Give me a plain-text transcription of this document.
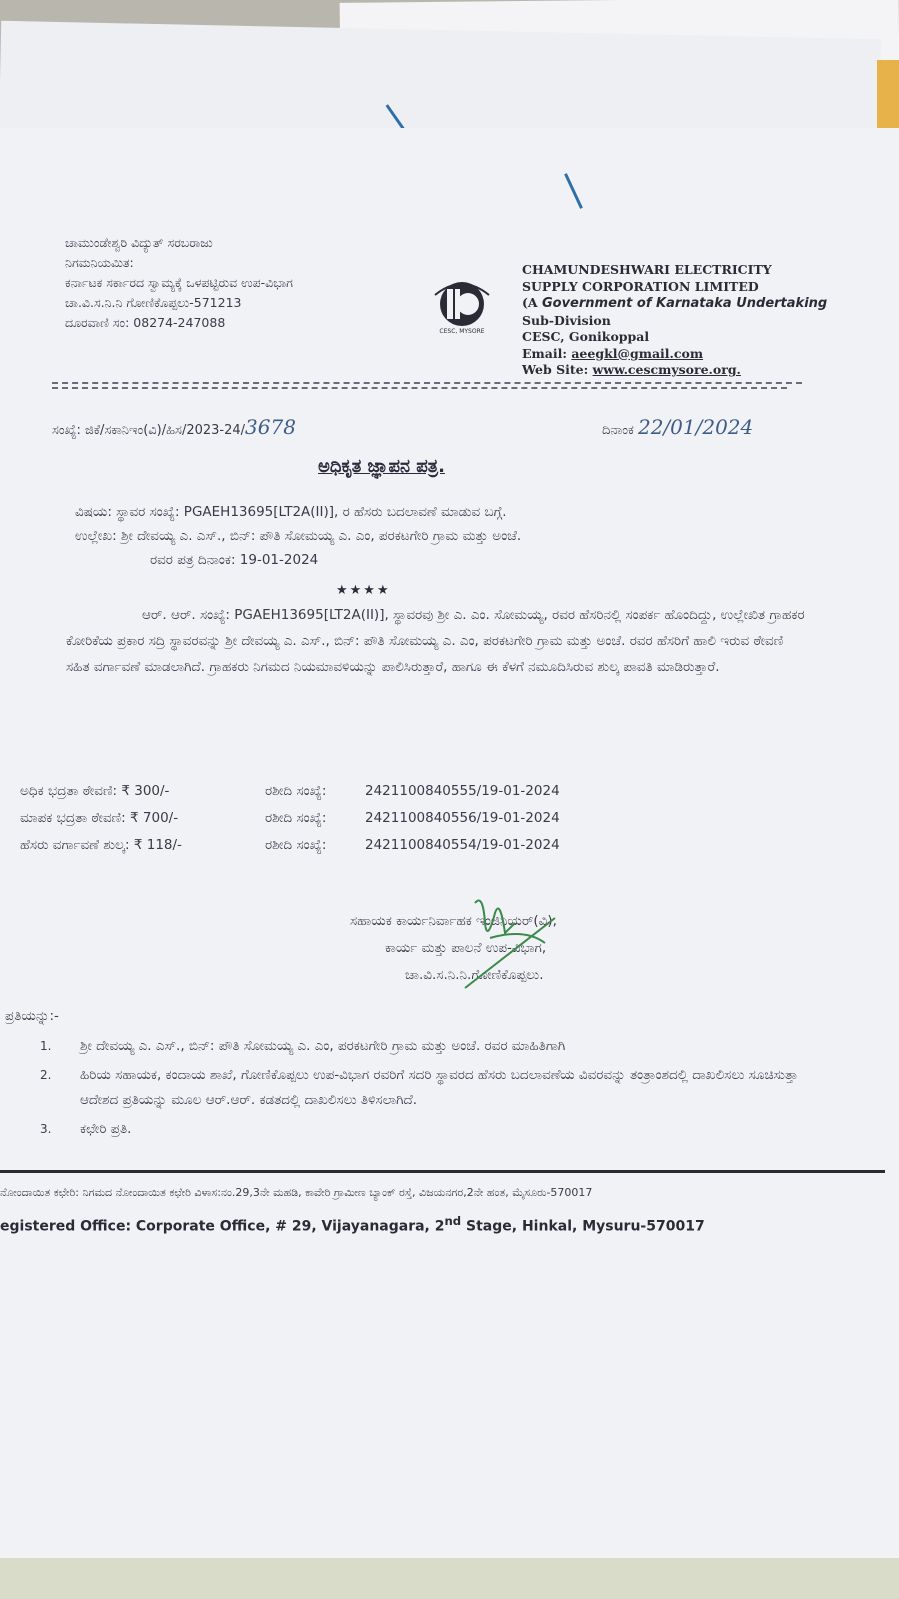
ಚಾಮುಂಡೇಶ್ವರಿ ವಿದ್ಯುತ್ ಸರಬರಾಜು
ನಿಗಮನಿಯಮಿತ:
ಕರ್ನಾಟಕ ಸರ್ಕಾರದ ಸ್ವಾಮ್ಯಕ್ಕೆ ಒಳಪಟ್ಟಿರುವ ಉಪ-ವಿಭಾಗ
ಚಾ.ವಿ.ಸ.ನಿ.ನಿ ಗೋಣಿಕೊಪ್ಪಲು-571213
ದೂರವಾಣಿ ಸಂ: 08274-247088
CESC, MYSORE
CHAMUNDESHWARI ELECTRICITY
SUPPLY CORPORATION LIMITED
(A Government of Karnataka Undertaking
Sub-Division
CESC, Gonikoppal
Email: aeegkl@gmail.com
Web Site: www.cescmysore.org.
ಸಂಖ್ಯೆ: ಜಿಕೆ/ಸಕಾನಿಇಂ(ವಿ)/ಹಿಸ/2023-24/3678	ದಿನಾಂಕ 22/01/2024
ಅಧಿಕೃತ ಜ್ಞಾಪನ ಪತ್ರ.
ವಿಷಯ: ಸ್ಥಾವರ ಸಂಖ್ಯೆ: PGAEH13695[LT2A(II)], ರ ಹೆಸರು ಬದಲಾವಣೆ ಮಾಡುವ ಬಗ್ಗೆ.
ಉಲ್ಲೇಖ: ಶ್ರೀ ದೇವಯ್ಯ ಎ. ಎಸ್., ಬಿನ್: ಪೌತಿ ಸೋಮಯ್ಯ ಎ. ಎಂ, ಪರಕಟಗೇರಿ ಗ್ರಾಮ ಮತ್ತು ಅಂಚೆ.
ರವರ ಪತ್ರ ದಿನಾಂಕ: 19-01-2024
★★★★
ಆರ್. ಆರ್. ಸಂಖ್ಯೆ: PGAEH13695[LT2A(II)], ಸ್ಥಾವರವು ಶ್ರೀ ಎ. ಎಂ. ಸೋಮಯ್ಯ, ರವರ ಹೆಸರಿನಲ್ಲಿ ಸಂಪರ್ಕ ಹೊಂದಿದ್ದು, ಉಲ್ಲೇಖಿತ ಗ್ರಾಹಕರ ಕೋರಿಕೆಯ ಪ್ರಕಾರ ಸದ್ರಿ ಸ್ಥಾವರವನ್ನು ಶ್ರೀ ದೇವಯ್ಯ ಎ. ಎಸ್., ಬಿನ್: ಪೌತಿ ಸೋಮಯ್ಯ ಎ. ಎಂ, ಪರಕಟಗೇರಿ ಗ್ರಾಮ ಮತ್ತು ಅಂಚೆ. ರವರ ಹೆಸರಿಗೆ ಹಾಲಿ ಇರುವ ಠೇವಣಿ ಸಹಿತ ವರ್ಗಾವಣೆ ಮಾಡಲಾಗಿದೆ. ಗ್ರಾಹಕರು ನಿಗಮದ ನಿಯಮಾವಳಿಯನ್ನು ಪಾಲಿಸಿರುತ್ತಾರೆ, ಹಾಗೂ ಈ ಕೆಳಗೆ ನಮೂದಿಸಿರುವ ಶುಲ್ಕ ಪಾವತಿ ಮಾಡಿರುತ್ತಾರೆ.
ಅಧಿಕ ಭದ್ರತಾ ಠೇವಣಿ: ₹ 300/-	ರಶೀದಿ ಸಂಖ್ಯೆ:	2421100840555/19-01-2024
ಮಾಪಕ ಭದ್ರತಾ ಠೇವಣಿ: ₹ 700/-	ರಶೀದಿ ಸಂಖ್ಯೆ:	2421100840556/19-01-2024
ಹೆಸರು ವರ್ಗಾವಣೆ ಶುಲ್ಕ: ₹ 118/-	ರಶೀದಿ ಸಂಖ್ಯೆ:	2421100840554/19-01-2024
ಸಹಾಯಕ ಕಾರ್ಯನಿರ್ವಾಹಕ ಇಂಜಿನಿಯರ್(ವಿ),
ಕಾರ್ಯ ಮತ್ತು ಪಾಲನೆ ಉಪ-ವಿಭಾಗ,
ಚಾ.ವಿ.ಸ.ನಿ.ನಿ.ಗೋಣಿಕೊಪ್ಪಲು.
ಪ್ರತಿಯನ್ನು:-
1. ಶ್ರೀ ದೇವಯ್ಯ ಎ. ಎಸ್., ಬಿನ್: ಪೌತಿ ಸೋಮಯ್ಯ ಎ. ಎಂ, ಪರಕಟಗೇರಿ ಗ್ರಾಮ ಮತ್ತು ಅಂಚೆ. ರವರ ಮಾಹಿತಿಗಾಗಿ
2. ಹಿರಿಯ ಸಹಾಯಕ, ಕಂದಾಯ ಶಾಖೆ, ಗೋಣಿಕೊಪ್ಪಲು ಉಪ-ವಿಭಾಗ ರವರಿಗೆ ಸದರಿ ಸ್ಥಾವರದ ಹೆಸರು ಬದಲಾವಣೆಯ ವಿವರವನ್ನು ತಂತ್ರಾಂಶದಲ್ಲಿ ದಾಖಲಿಸಲು ಸೂಚಿಸುತ್ತಾ ಆದೇಶದ ಪ್ರತಿಯನ್ನು ಮೂಲ ಆರ್.ಆರ್. ಕಡತದಲ್ಲಿ ದಾಖಲಿಸಲು ತಿಳಿಸಲಾಗಿದೆ.
3. ಕಛೇರಿ ಪ್ರತಿ.
ನೋಂದಾಯಿತ ಕಛೇರಿ: ನಿಗಮದ ನೋಂದಾಯಿತ ಕಛೇರಿ ವಿಳಾಸ:ನಂ.29,3ನೇ ಮಹಡಿ, ಕಾವೇರಿ ಗ್ರಾಮೀಣ ಬ್ಯಾಂಕ್ ರಸ್ತೆ, ವಿಜಯನಗರ,2ನೇ ಹಂತ, ಮೈಸೂರು-570017
egistered Office: Corporate Office, # 29, Vijayanagara, 2nd Stage, Hinkal, Mysuru-570017
